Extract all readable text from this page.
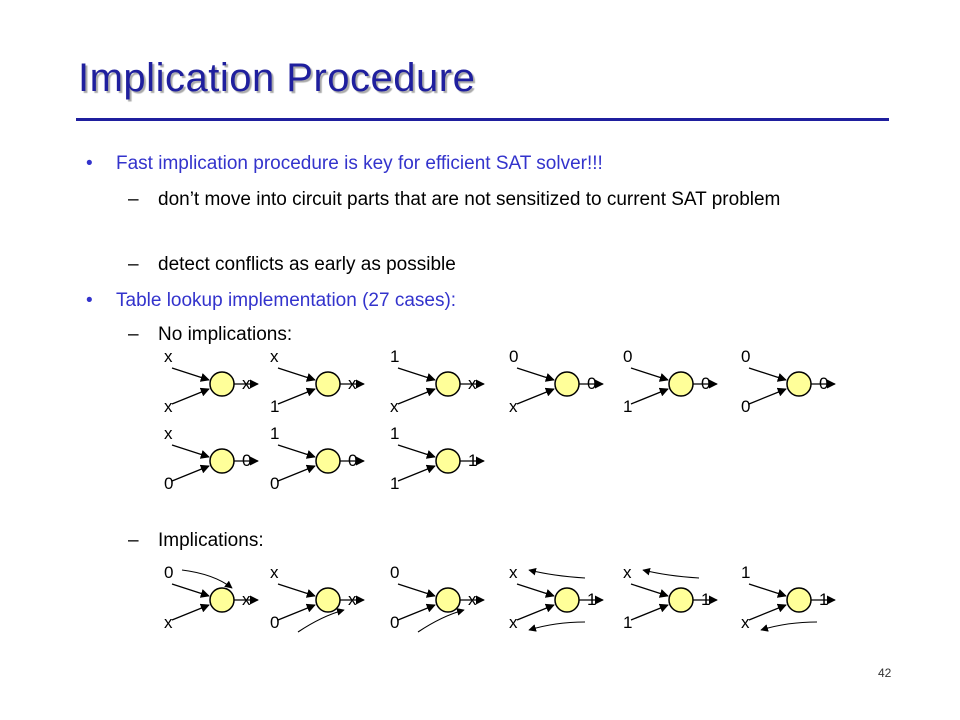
Implication Procedure
• Fast implication procedure is key for efficient SAT solver!!!
– don’t move into circuit parts that are not sensitized to current SAT problem
– detect conflicts as early as possible
• Table lookup implementation (27 cases):
– No implications:
– Implications:
x
x
x
x
1
x
1
x
x
0
x
0
0
1
0
0
0
0
x
0
0
1
0
0
1
1
1
0
x
x
x
0
x
0
0
x
x
x
1
x
1
1
1
x
1
42
